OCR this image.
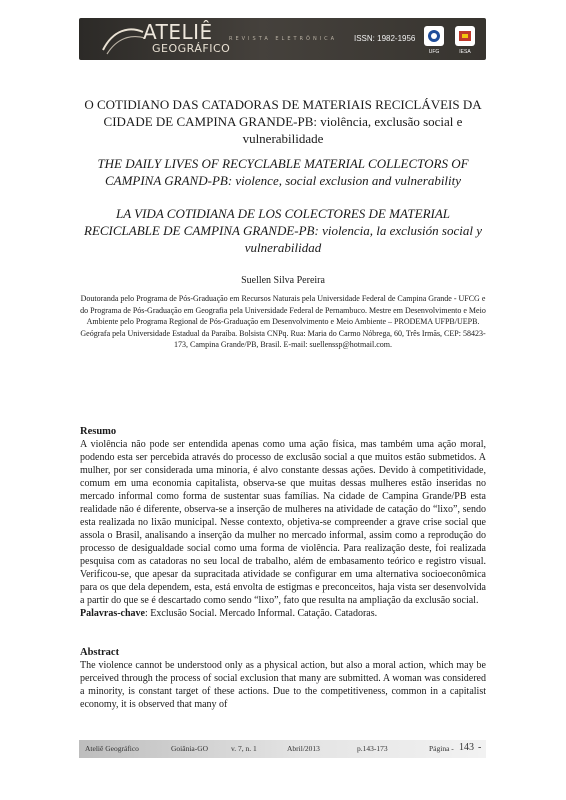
ATELIÊ
GEOGRÁFICO
REVISTA ELETRÔNICA ISSN: 1982-1956
UFG	IESA
O COTIDIANO DAS CATADORAS DE MATERIAIS RECICLÁVEIS DA CIDADE DE CAMPINA GRANDE-PB: violência, exclusão social e vulnerabilidade
THE DAILY LIVES OF RECYCLABLE MATERIAL COLLECTORS OF CAMPINA GRAND-PB: violence, social exclusion and vulnerability
LA VIDA COTIDIANA DE LOS COLECTORES DE MATERIAL RECICLABLE DE CAMPINA GRANDE-PB: violencia, la exclusión social y vulnerabilidad
Suellen Silva Pereira
Doutoranda pelo Programa de Pós-Graduação em Recursos Naturais pela Universidade Federal de Campina Grande - UFCG e do Programa de Pós-Graduação em Geografia pela Universidade Federal de Pernambuco. Mestre em Desenvolvimento e Meio Ambiente pelo Programa Regional de Pós-Graduação em Desenvolvimento e Meio Ambiente – PRODEMA UFPB/UEPB. Geógrafa pela Universidade Estadual da Paraíba. Bolsista CNPq. Rua: Maria do Carmo Nóbrega, 60, Três Irmãs, CEP: 58423-173, Campina Grande/PB, Brasil. E-mail: suellenssp@hotmail.com.
Resumo

A violência não pode ser entendida apenas como uma ação física, mas também uma ação moral, podendo esta ser percebida através do processo de exclusão social a que muitos estão submetidos. A mulher, por ser considerada uma minoria, é alvo constante dessas ações. Devido à competitividade, comum em uma economia capitalista, observa-se que muitas dessas mulheres estão inseridas no mercado informal como forma de sustentar suas famílias. Na cidade de Campina Grande/PB esta realidade não é diferente, observa-se a inserção de mulheres na atividade de catação do “lixo”, sendo esta realizada no lixão municipal. Nesse contexto, objetiva-se compreender a grave crise social que assola o Brasil, analisando a inserção da mulher no mercado informal, assim como a reprodução do processo de desigualdade social como uma forma de violência. Para realização deste, foi realizada pesquisa com as catadoras no seu local de trabalho, além de embasamento teórico e registro visual. Verificou-se, que apesar da supracitada atividade se configurar em uma alternativa socioeconômica para os que dela dependem, esta, está envolta de estigmas e preconceitos, haja vista ser desenvolvida a partir do que se é descartado como sendo “lixo”, fato que resulta na ampliação da exclusão social.

Palavras-chave: Exclusão Social. Mercado Informal. Catação. Catadoras.

Abstract

The violence cannot be understood only as a physical action, but also a moral action, which may be perceived through the process of social exclusion that many are submitted. A woman was considered a minority, is constant target of these actions. Due to the competitiveness, common in a capitalist economy, it is observed that many of

Ateliê Geográfico	Goiânia-GO	v. 7, n. 1	Abril/2013	p.143-173	Página - 143 -
